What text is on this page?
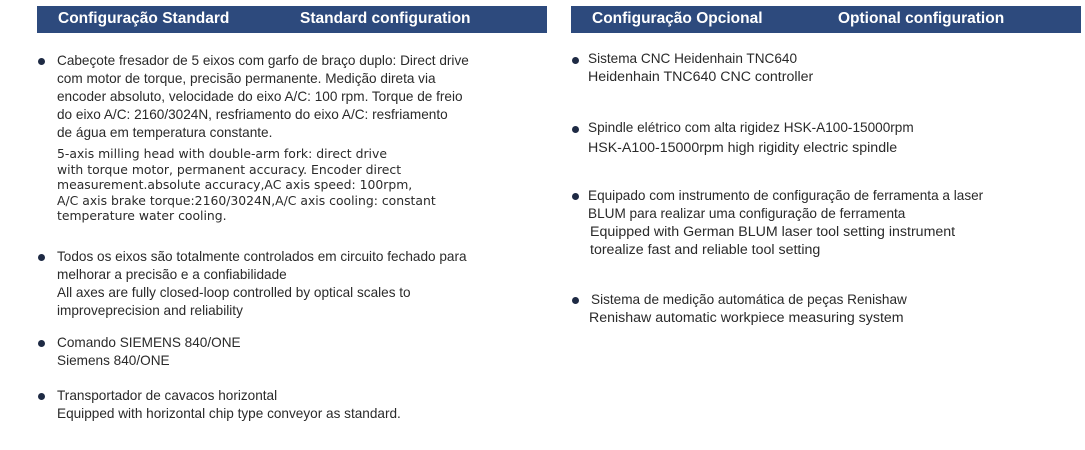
Configuração Standard	Standard configuration
Cabeçote fresador de 5 eixos com garfo de braço duplo: Direct drive
com motor de torque, precisão permanente. Medição direta via
encoder absoluto, velocidade do eixo A/C: 100 rpm. Torque de freio
do eixo A/C: 2160/3024N, resfriamento do eixo A/C: resfriamento
de água em temperatura constante.
5-axis milling head with double-arm fork: direct drive
with torque motor, permanent accuracy. Encoder direct
measurement.absolute accuracy,AC axis speed: 100rpm,
A/C axis brake torque:2160/3024N,A/C axis cooling: constant
temperature water cooling.
Todos os eixos são totalmente controlados em circuito fechado para
melhorar a precisão e a confiabilidade
All axes are fully closed-loop controlled by optical scales to
improveprecision and reliability
Comando SIEMENS 840/ONE
Siemens 840/ONE
Transportador de cavacos horizontal
Equipped with horizontal chip type conveyor as standard.
Configuração Opcional	Optional configuration
Sistema CNC Heidenhain TNC640
Heidenhain TNC640 CNC controller
Spindle elétrico com alta rigidez HSK-A100-15000rpm
HSK-A100-15000rpm high rigidity electric spindle
Equipado com instrumento de configuração de ferramenta a laser
BLUM para realizar uma configuração de ferramenta
Equipped with German BLUM laser tool setting instrument
torealize fast and reliable tool setting
Sistema de medição automática de peças Renishaw
Renishaw automatic workpiece measuring system
